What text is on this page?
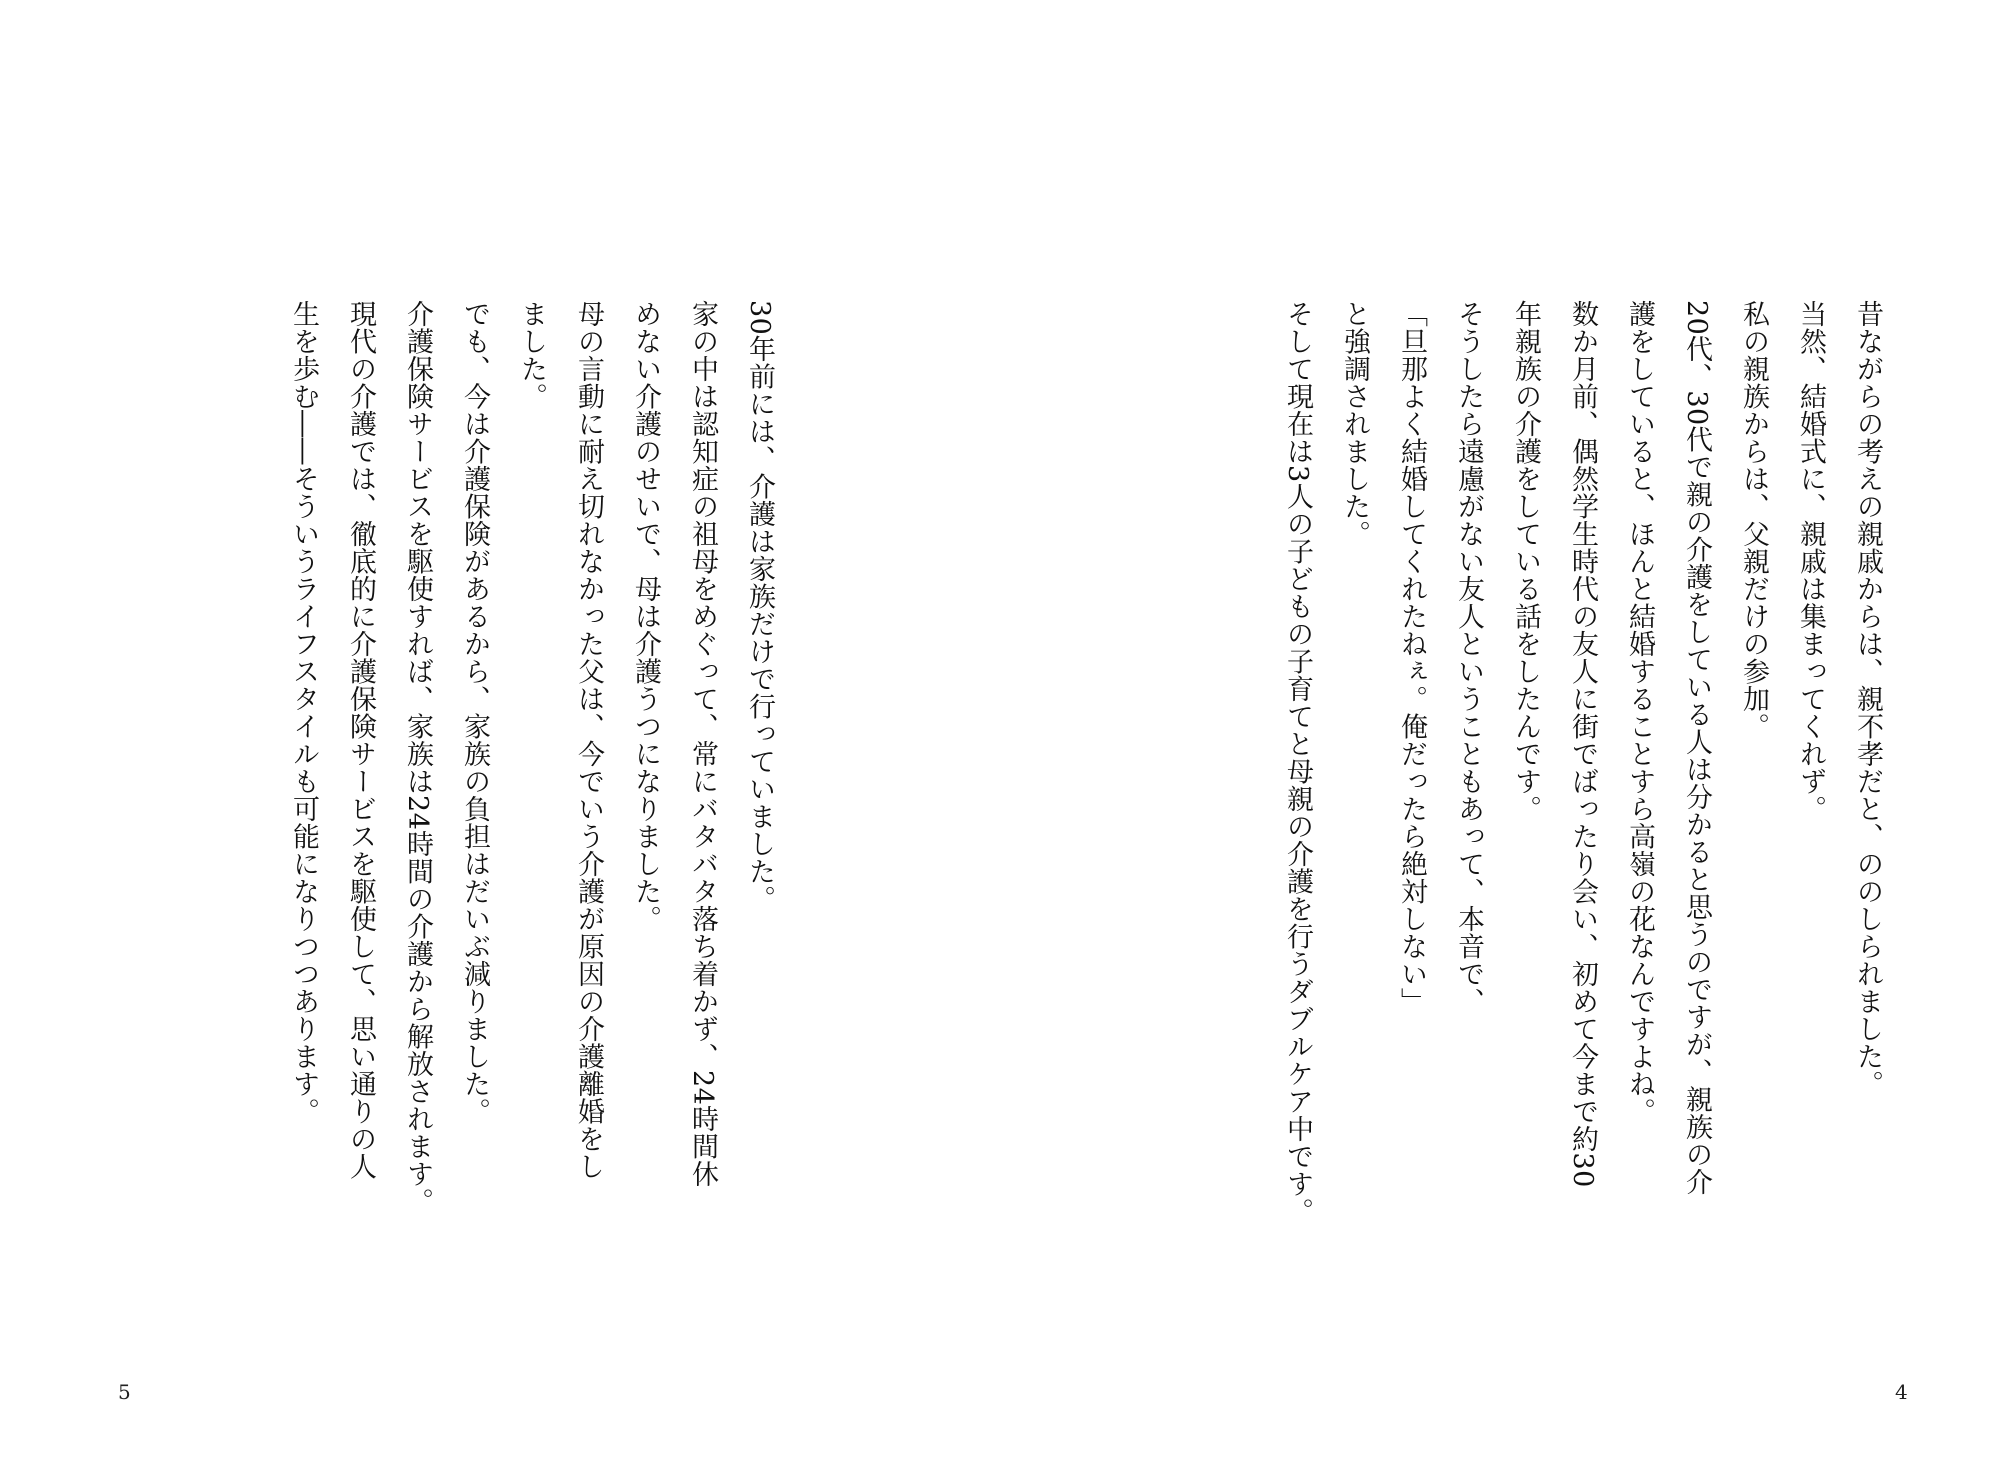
30年前には、介護は家族だけで行っていました。
家の中は認知症の祖母をめぐって、常にバタバタ落ち着かず、24時間休
めない介護のせいで、母は介護うつになりました。
母の言動に耐え切れなかった父は、今でいう介護が原因の介護離婚をし
ました。
でも、今は介護保険があるから、家族の負担はだいぶ減りました。
介護保険サービスを駆使すれば、家族は24時間の介護から解放されます。
現代の介護では、徹底的に介護保険サービスを駆使して、思い通りの人
生を歩む――そういうライフスタイルも可能になりつつあります。
5
昔ながらの考えの親戚からは、親不孝だと、ののしられました。
当然、結婚式に、親戚は集まってくれず。
私の親族からは、父親だけの参加。
20代、30代で親の介護をしている人は分かると思うのですが、親族の介
護をしていると、ほんと結婚することすら高嶺の花なんですよね。
数か月前、偶然学生時代の友人に街でばったり会い、初めて今まで約30
年親族の介護をしている話をしたんです。
そうしたら遠慮がない友人ということもあって、本音で、
「旦那よく結婚してくれたねぇ。俺だったら絶対しない」
と強調されました。
そして現在は3人の子どもの子育てと母親の介護を行うダブルケア中です。
4
